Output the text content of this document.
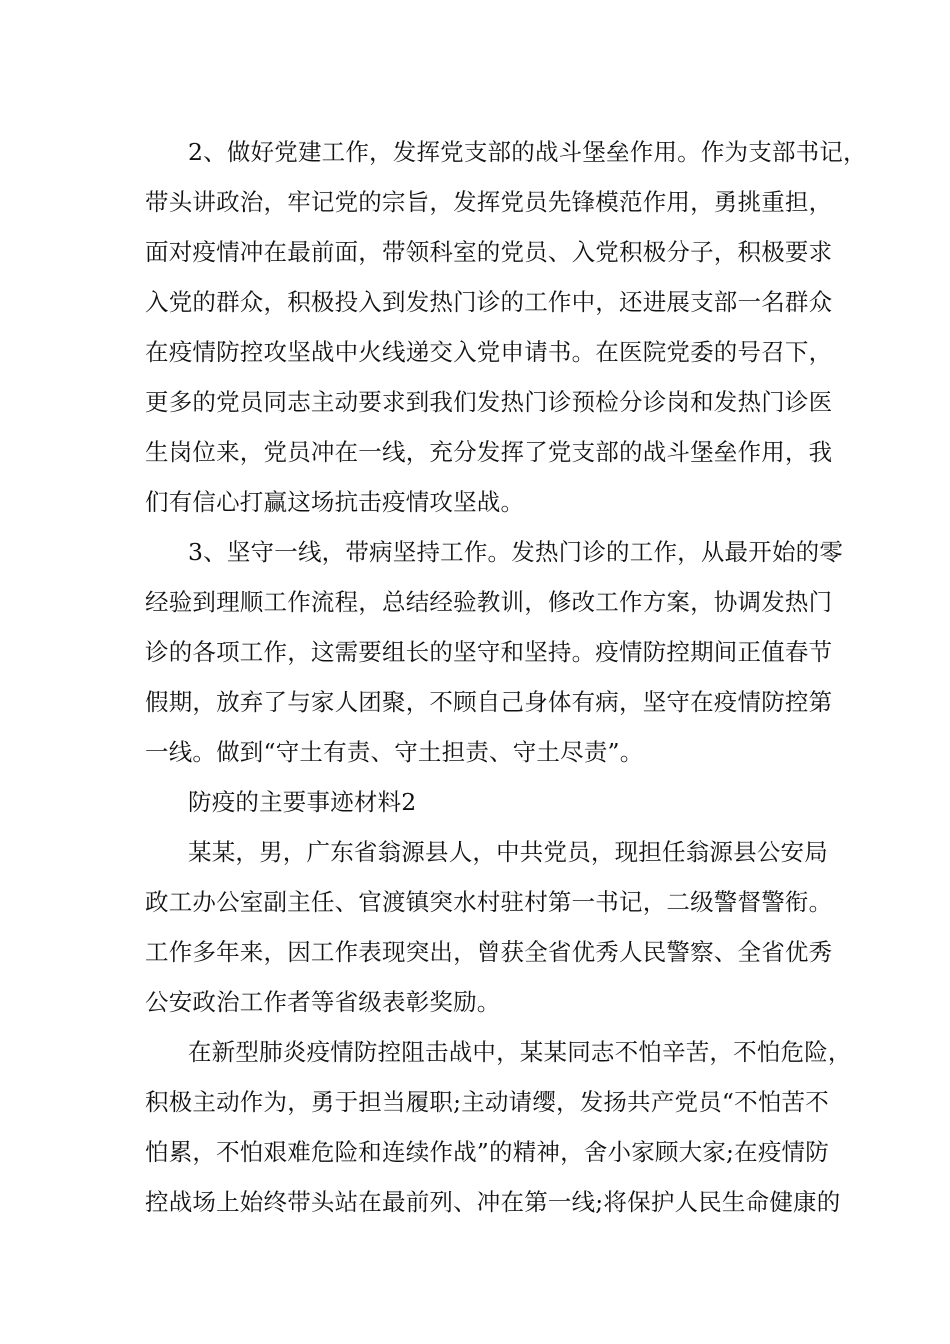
2、做好党建工作，发挥党支部的战斗堡垒作用。作为支部书记，
带头讲政治，牢记党的宗旨，发挥党员先锋模范作用，勇挑重担，
面对疫情冲在最前面，带领科室的党员、入党积极分子，积极要求
入党的群众，积极投入到发热门诊的工作中，还进展支部一名群众
在疫情防控攻坚战中火线递交入党申请书。在医院党委的号召下，
更多的党员同志主动要求到我们发热门诊预检分诊岗和发热门诊医
生岗位来，党员冲在一线，充分发挥了党支部的战斗堡垒作用，我
们有信心打赢这场抗击疫情攻坚战。
3、坚守一线，带病坚持工作。发热门诊的工作，从最开始的零
经验到理顺工作流程，总结经验教训，修改工作方案，协调发热门
诊的各项工作，这需要组长的坚守和坚持。疫情防控期间正值春节
假期，放弃了与家人团聚，不顾自己身体有病，坚守在疫情防控第
一线。做到“守土有责、守土担责、守土尽责”。
防疫的主要事迹材料2
某某，男，广东省翁源县人，中共党员，现担任翁源县公安局
政工办公室副主任、官渡镇突水村驻村第一书记，二级警督警衔。
工作多年来，因工作表现突出，曾获全省优秀人民警察、全省优秀
公安政治工作者等省级表彰奖励。
在新型肺炎疫情防控阻击战中，某某同志不怕辛苦，不怕危险，
积极主动作为，勇于担当履职;主动请缨，发扬共产党员“不怕苦不
怕累，不怕艰难危险和连续作战”的精神，舍小家顾大家;在疫情防
控战场上始终带头站在最前列、冲在第一线;将保护人民生命健康的
